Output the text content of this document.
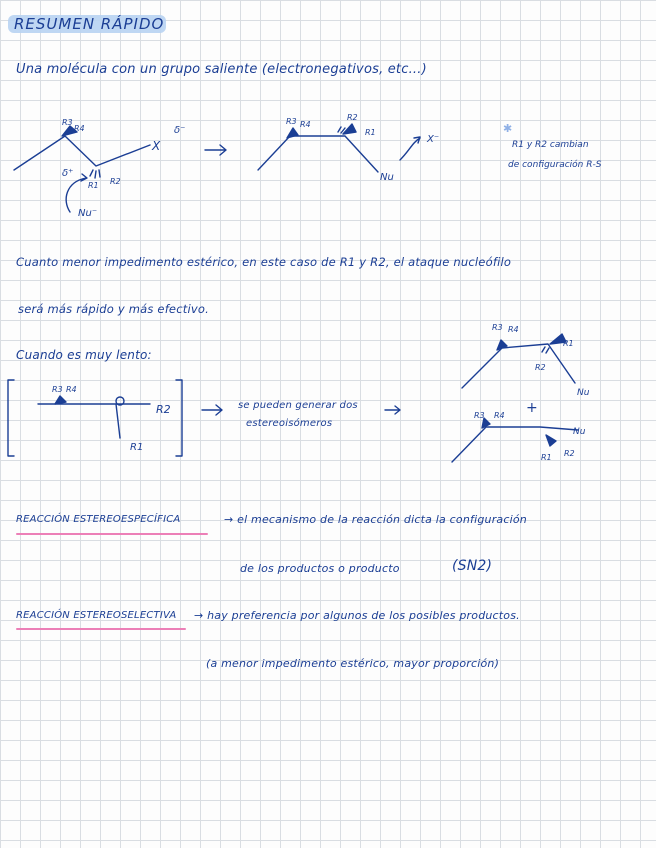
RESUMEN RÁPIDO
Una molécula con un grupo saliente (electronegativos, etc...)
R3
R4
δ⁺
R1 R2
X
δ⁻
Nu⁻
R3 R4
R2
R1
Nu
X⁻
✱
R1 y R2 cambian
de configuración R-S
R3 R4
R2
R1
R3 R4
R1
R2
Nu
+
R3 R4
Nu
R1 R2
Cuanto menor impedimento estérico, en este caso de R1 y R2, el ataque nucleófilo
será más rápido y más efectivo.
Cuando es muy lento:
se pueden generar dos
estereoisómeros
REACCIÓN ESTEREOESPECÍFICA	→ el mecanismo de la reacción dicta la configuración
de los productos o producto	(SN2)
REACCIÓN ESTEREOSELECTIVA → hay preferencia por algunos de los posibles productos.
(a menor impedimento estérico, mayor proporción)
